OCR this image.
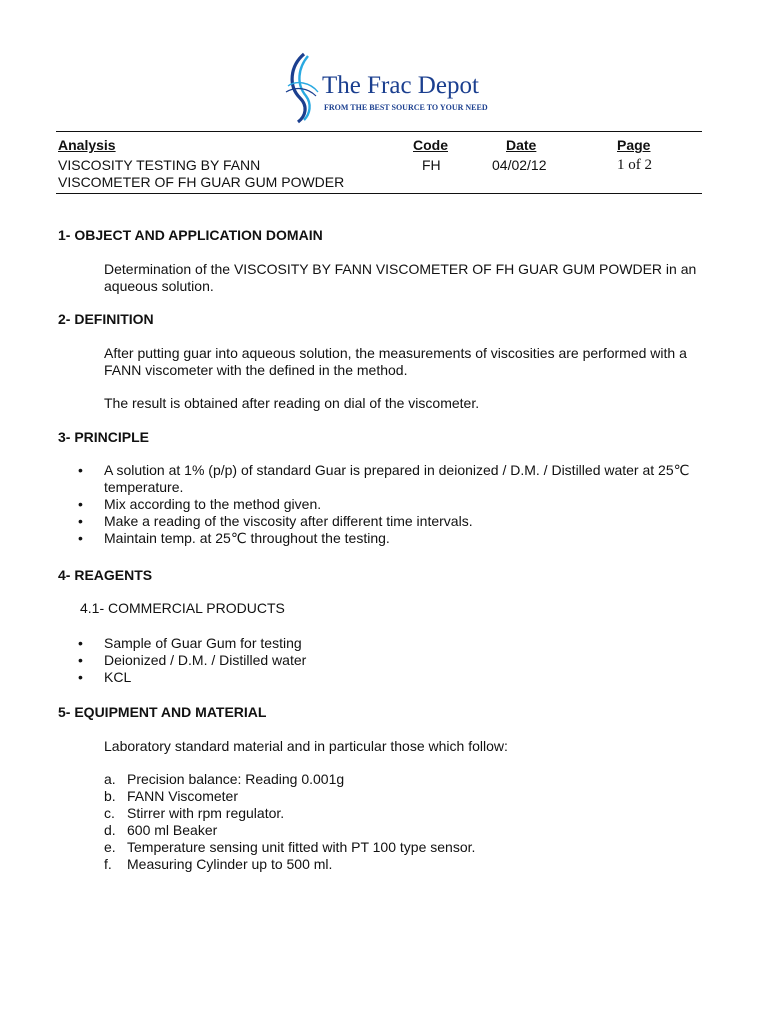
The Frac Depot
FROM THE BEST SOURCE TO YOUR NEED
Analysis	Code	Date	Page
VISCOSITY TESTING BY FANN
VISCOMETER OF FH GUAR GUM POWDER
FH	04/02/12	1 of 2
1- OBJECT AND APPLICATION DOMAIN
Determination of the VISCOSITY BY FANN VISCOMETER OF FH GUAR GUM POWDER in an aqueous solution.
2- DEFINITION
After putting guar into aqueous solution, the measurements of viscosities are performed with a FANN viscometer with the defined in the method.
The result is obtained after reading on dial of the viscometer.
3- PRINCIPLE
• A solution at 1% (p/p) of standard Guar is prepared in deionized / D.M. / Distilled water at 25℃ temperature.
• Mix according to the method given.
• Make a reading of the viscosity after different time intervals.
• Maintain temp. at 25℃ throughout the testing.
4- REAGENTS
4.1- COMMERCIAL PRODUCTS
• Sample of Guar Gum for testing
• Deionized / D.M. / Distilled water
• KCL
5- EQUIPMENT AND MATERIAL
Laboratory standard material and in particular those which follow:
a. Precision balance: Reading 0.001g
b. FANN Viscometer
c. Stirrer with rpm regulator.
d. 600 ml Beaker
e. Temperature sensing unit fitted with PT 100 type sensor.
f. Measuring Cylinder up to 500 ml.
